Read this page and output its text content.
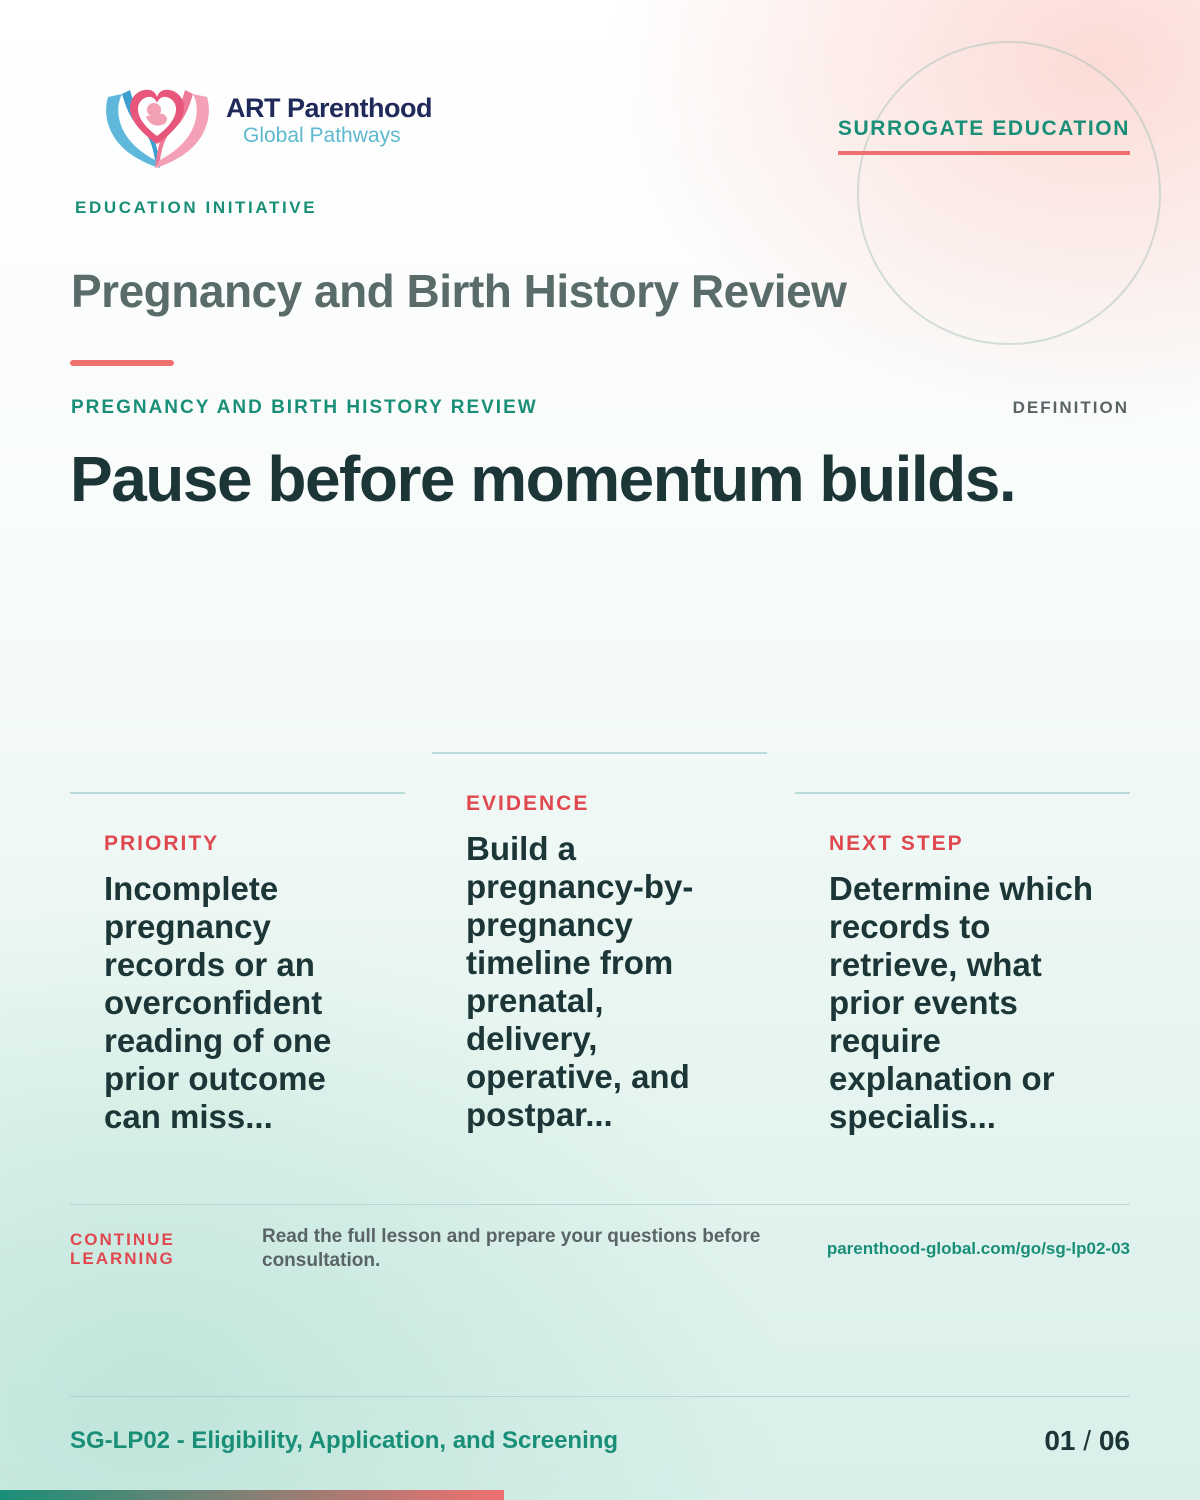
ART Parenthood
Global Pathways
EDUCATION INITIATIVE
SURROGATE EDUCATION
Pregnancy and Birth History Review
PREGNANCY AND BIRTH HISTORY REVIEW	DEFINITION
Pause before momentum builds.
PRIORITY
Incomplete pregnancy records or an overconfident reading of one prior outcome can miss...
EVIDENCE
Build a pregnancy-by-pregnancy timeline from prenatal, delivery, operative, and postpar...
NEXT STEP
Determine which records to retrieve, what prior events require explanation or specialis...
CONTINUE LEARNING
Read the full lesson and prepare your questions before consultation.
parenthood-global.com/go/sg-lp02-03
SG-LP02 - Eligibility, Application, and Screening	01 / 06
